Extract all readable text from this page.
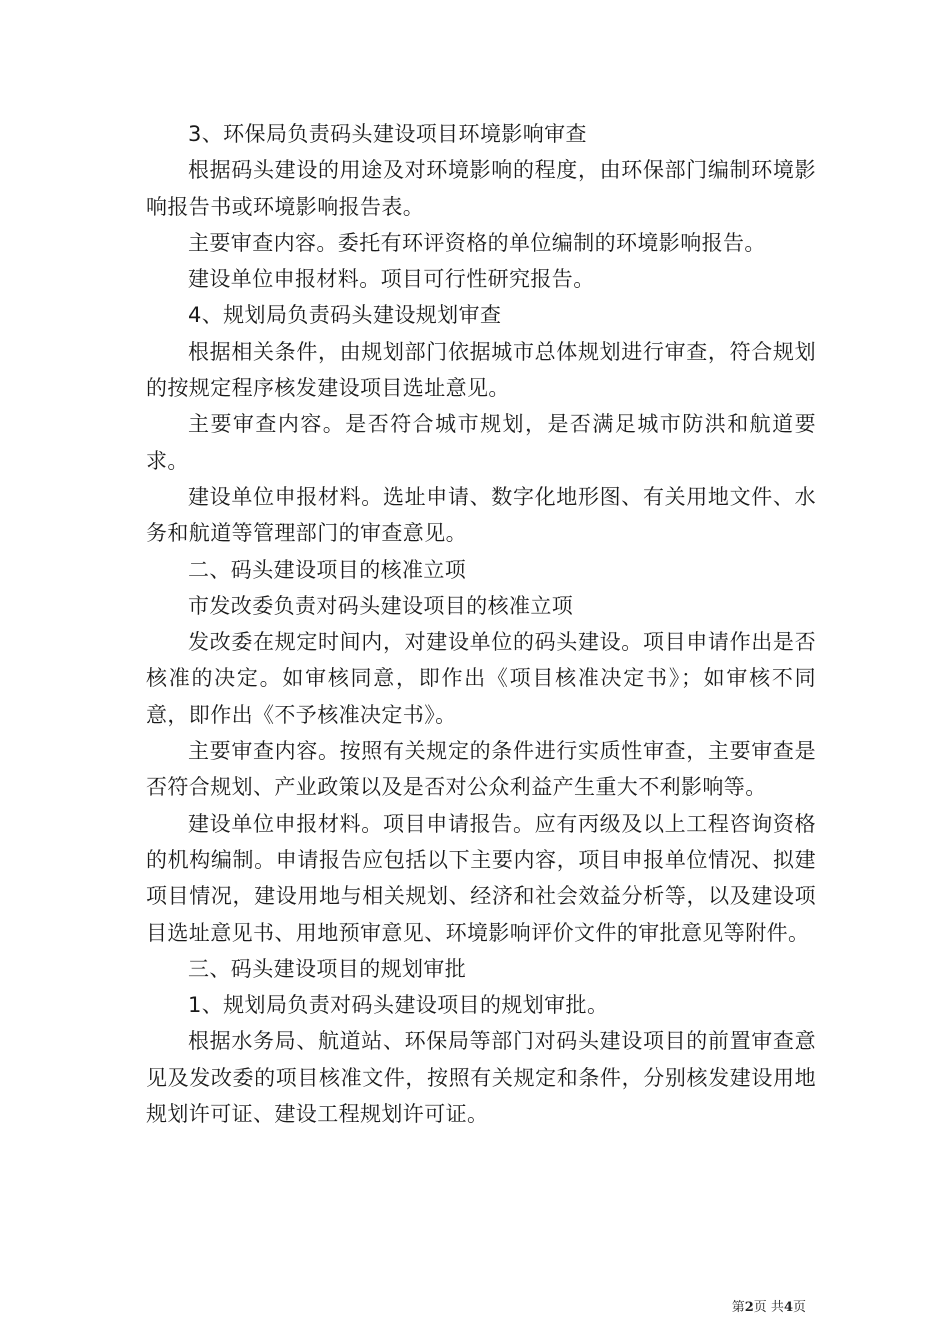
3、环保局负责码头建设项目环境影响审查

根据码头建设的用途及对环境影响的程度，由环保部门编制环境影响报告书或环境影响报告表。

主要审查内容。委托有环评资格的单位编制的环境影响报告。

建设单位申报材料。项目可行性研究报告。

4、规划局负责码头建设规划审查

根据相关条件，由规划部门依据城市总体规划进行审查，符合规划的按规定程序核发建设项目选址意见。

主要审查内容。是否符合城市规划，是否满足城市防洪和航道要求。

建设单位申报材料。选址申请、数字化地形图、有关用地文件、水务和航道等管理部门的审查意见。

二、码头建设项目的核准立项

市发改委负责对码头建设项目的核准立项

发改委在规定时间内，对建设单位的码头建设。项目申请作出是否核准的决定。如审核同意，即作出《项目核准决定书》；如审核不同意，即作出《不予核准决定书》。

主要审查内容。按照有关规定的条件进行实质性审查，主要审查是否符合规划、产业政策以及是否对公众利益产生重大不利影响等。

建设单位申报材料。项目申请报告。应有丙级及以上工程咨询资格的机构编制。申请报告应包括以下主要内容，项目申报单位情况、拟建项目情况，建设用地与相关规划、经济和社会效益分析等，以及建设项目选址意见书、用地预审意见、环境影响评价文件的审批意见等附件。

三、码头建设项目的规划审批

1、规划局负责对码头建设项目的规划审批。

根据水务局、航道站、环保局等部门对码头建设项目的前置审查意见及发改委的项目核准文件，按照有关规定和条件，分别核发建设用地规划许可证、建设工程规划许可证。

第2页 共4页
